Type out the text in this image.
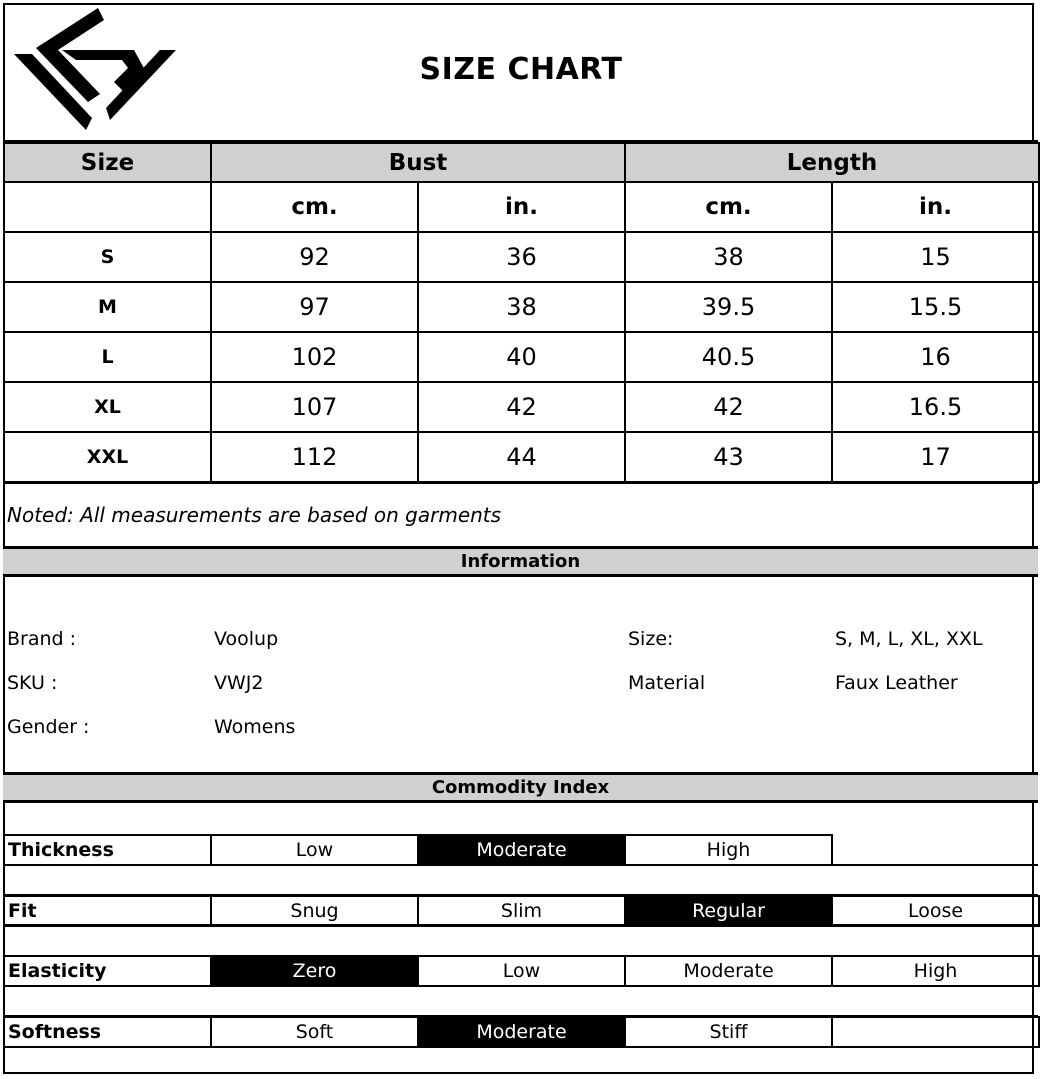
SIZE CHART
Size	Bust		Length	
	cm.	in.	cm.	in.
S	92	36	38	15
M	97	38	39.5	15.5
L	102	40	40.5	16
XL	107	42	42	16.5
XXL	112	44	43	17
Noted: All measurements are based on garments
Information
Brand :	Voolup	Size:	S, M, L, XL, XXL
SKU :	VWJ2	Material	Faux Leather
Gender :	Womens
Commodity Index
Thickness	Low	Moderate	High	
Fit	Snug	Slim	Regular	Loose
Elasticity	Zero	Low	Moderate	High
Softness	Soft	Moderate	Stiff	
